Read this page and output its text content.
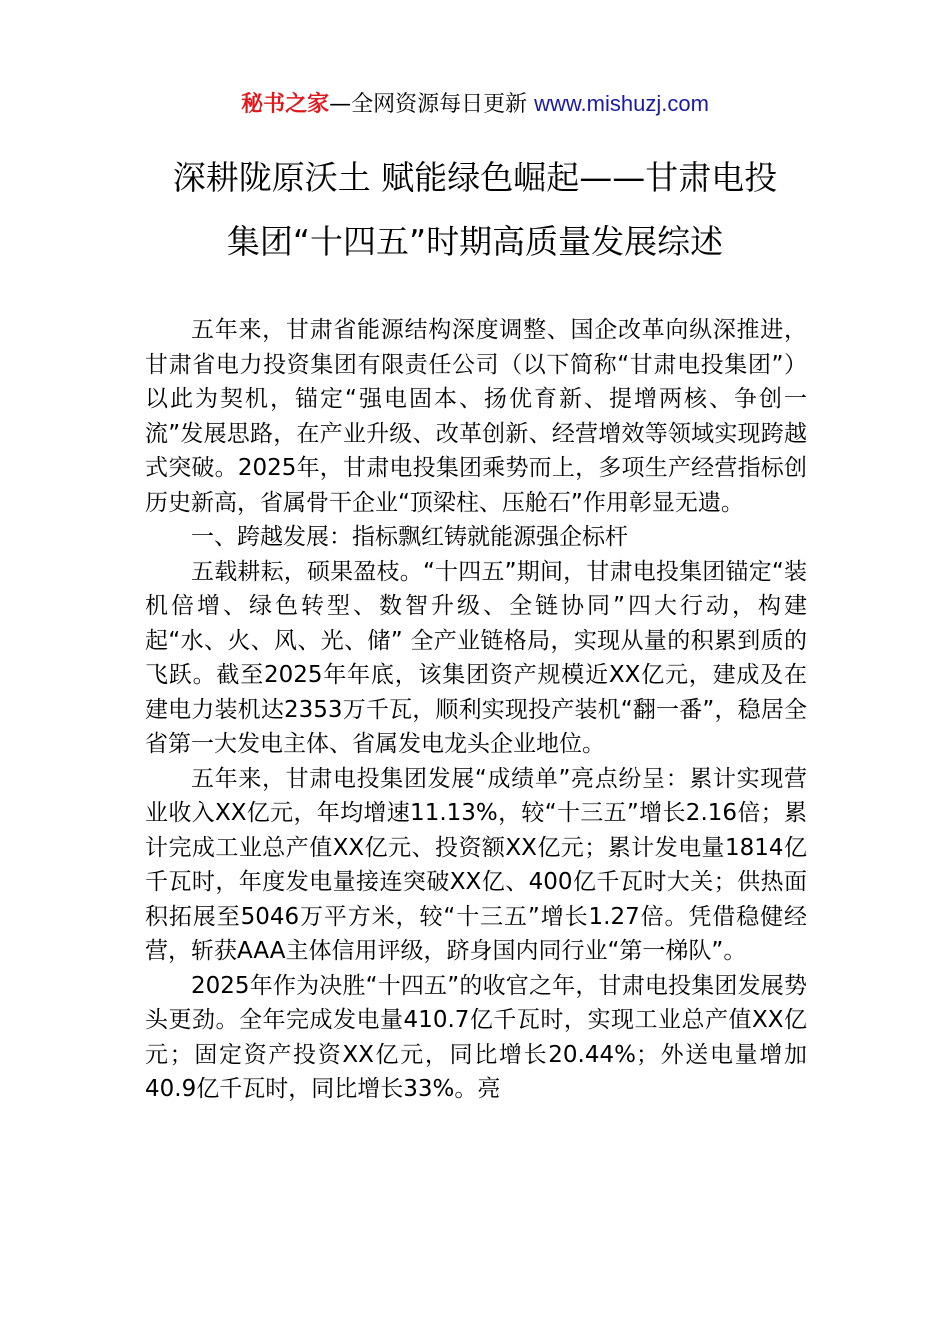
秘书之家—全网资源每日更新 www.mishuzj.com
深耕陇原沃土 赋能绿色崛起——甘肃电投
集团“十四五”时期高质量发展综述

五年来，甘肃省能源结构深度调整、国企改革向纵深推进，甘肃省电力投资集团有限责任公司（以下简称“甘肃电投集团”）以此为契机，锚定“强电固本、扬优育新、提增两核、争创一流”发展思路，在产业升级、改革创新、经营增效等领域实现跨越式突破。2025年，甘肃电投集团乘势而上，多项生产经营指标创历史新高，省属骨干企业“顶梁柱、压舱石”作用彰显无遗。

一、跨越发展：指标飘红铸就能源强企标杆

五载耕耘，硕果盈枝。“十四五”期间，甘肃电投集团锚定“装机倍增、绿色转型、数智升级、全链协同”四大行动，构建起“水、火、风、光、储” 全产业链格局，实现从量的积累到质的飞跃。截至2025年年底，该集团资产规模近XX亿元，建成及在建电力装机达2353万千瓦，顺利实现投产装机“翻一番”，稳居全省第一大发电主体、省属发电龙头企业地位。

五年来，甘肃电投集团发展“成绩单”亮点纷呈：累计实现营业收入XX亿元，年均增速11.13%，较“十三五”增长2.16倍；累计完成工业总产值XX亿元、投资额XX亿元；累计发电量1814亿千瓦时，年度发电量接连突破XX亿、400亿千瓦时大关；供热面积拓展至5046万平方米，较“十三五”增长1.27倍。凭借稳健经营，斩获AAA主体信用评级，跻身国内同行业“第一梯队”。

2025年作为决胜“十四五”的收官之年，甘肃电投集团发展势头更劲。全年完成发电量410.7亿千瓦时，实现工业总产值XX亿元；固定资产投资XX亿元，同比增长20.44%；外送电量增加40.9亿千瓦时，同比增长33%。亮
